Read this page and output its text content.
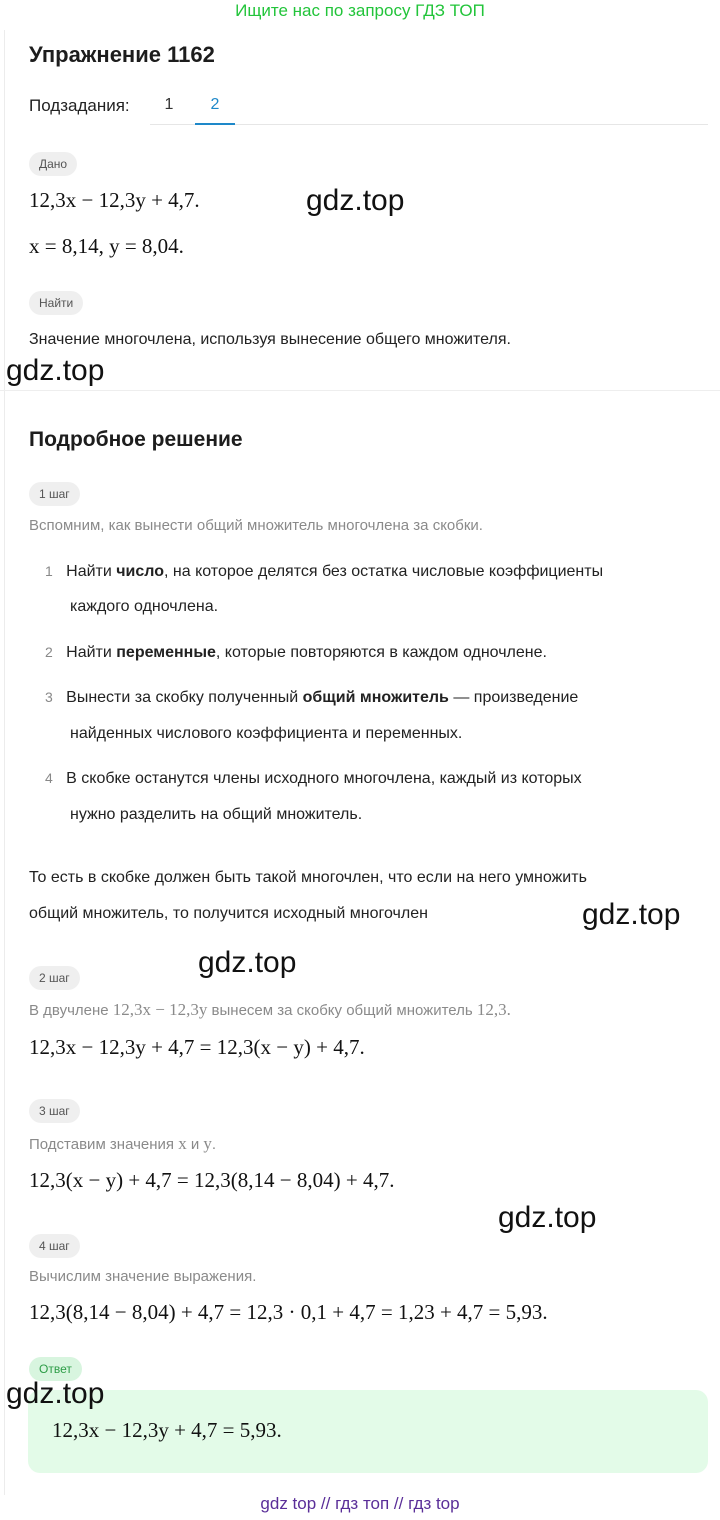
Ищите нас по запросу ГДЗ ТОП
Упражнение 1162
Подзадания:	1	2
Дано
12,3x − 12,3y + 4,7.
x = 8,14, y = 8,04.
Найти
Значение многочлена, используя вынесение общего множителя.
Подробное решение
1 шаг
Вспомним, как вынести общий множитель многочлена за скобки.
1 Найти число, на которое делятся без остатка числовые коэффициенты
каждого одночлена.
2 Найти переменные, которые повторяются в каждом одночлене.
3 Вынести за скобку полученный общий множитель — произведение
найденных числового коэффициента и переменных.
4 В скобке останутся члены исходного многочлена, каждый из которых
нужно разделить на общий множитель.
То есть в скобке должен быть такой многочлен, что если на него умножить
общий множитель, то получится исходный многочлен
2 шаг
В двучлене 12,3x − 12,3y вынесем за скобку общий множитель 12,3.
12,3x − 12,3y + 4,7 = 12,3(x − y) + 4,7.
3 шаг
Подставим значения x и y.
12,3(x − y) + 4,7 = 12,3(8,14 − 8,04) + 4,7.
4 шаг
Вычислим значение выражения.
12,3(8,14 − 8,04) + 4,7 = 12,3 · 0,1 + 4,7 = 1,23 + 4,7 = 5,93.
Ответ
12,3x − 12,3y + 4,7 = 5,93.
gdz.top
gdz.top
gdz.top
gdz.top
gdz.top
gdz.top
gdz top // гдз топ // гдз top
